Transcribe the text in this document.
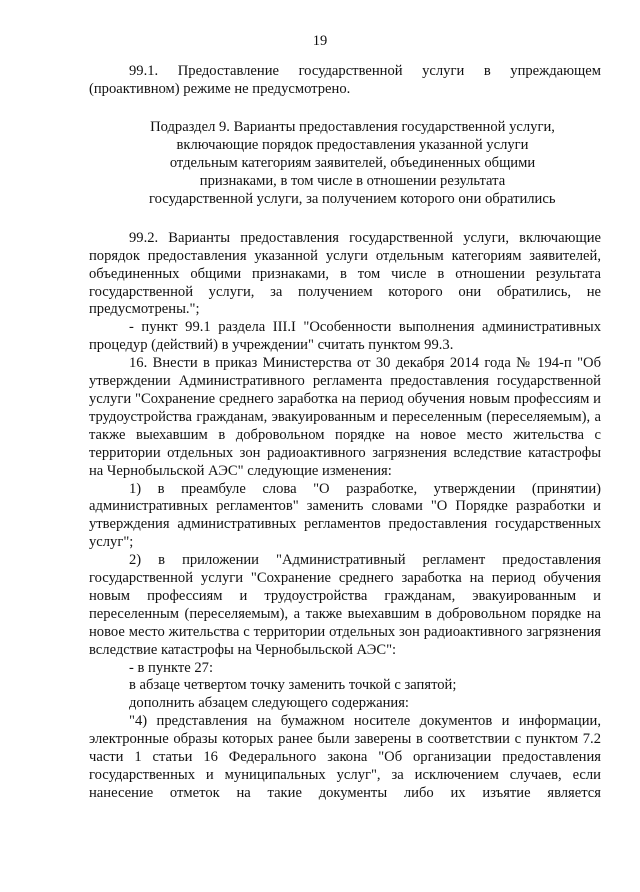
19

99.1. Предоставление государственной услуги в упреждающем (проактивном) режиме не предусмотрено.

Подраздел 9. Варианты предоставления государственной услуги, включающие порядок предоставления указанной услуги отдельным категориям заявителей, объединенных общими признаками, в том числе в отношении результата государственной услуги, за получением которого они обратились

99.2. Варианты предоставления государственной услуги, включающие порядок предоставления указанной услуги отдельным категориям заявителей, объединенных общими признаками, в том числе в отношении результата государственной услуги, за получением которого они обратились, не предусмотрены.";

- пункт 99.1 раздела III.I "Особенности выполнения административных процедур (действий) в учреждении" считать пунктом 99.3.

16. Внести в приказ Министерства от 30 декабря 2014 года № 194-п "Об утверждении Административного регламента предоставления государственной услуги "Сохранение среднего заработка на период обучения новым профессиям и трудоустройства гражданам, эвакуированным и переселенным (переселяемым), а также выехавшим в добровольном порядке на новое место жительства с территории отдельных зон радиоактивного загрязнения вследствие катастрофы на Чернобыльской АЭС" следующие изменения:

1) в преамбуле слова "О разработке, утверждении (принятии) административных регламентов" заменить словами "О Порядке разработки и утверждения административных регламентов предоставления государственных услуг";

2) в приложении "Административный регламент предоставления государственной услуги "Сохранение среднего заработка на период обучения новым профессиям и трудоустройства гражданам, эвакуированным и переселенным (переселяемым), а также выехавшим в добровольном порядке на новое место жительства с территории отдельных зон радиоактивного загрязнения вследствие катастрофы на Чернобыльской АЭС":

- в пункте 27:

в абзаце четвертом точку заменить точкой с запятой;

дополнить абзацем следующего содержания:

"4) представления на бумажном носителе документов и информации, электронные образы которых ранее были заверены в соответствии с пунктом 7.2 части 1 статьи 16 Федерального закона "Об организации предоставления государственных и муниципальных услуг", за исключением случаев, если нанесение отметок на такие документы либо их изъятие является
